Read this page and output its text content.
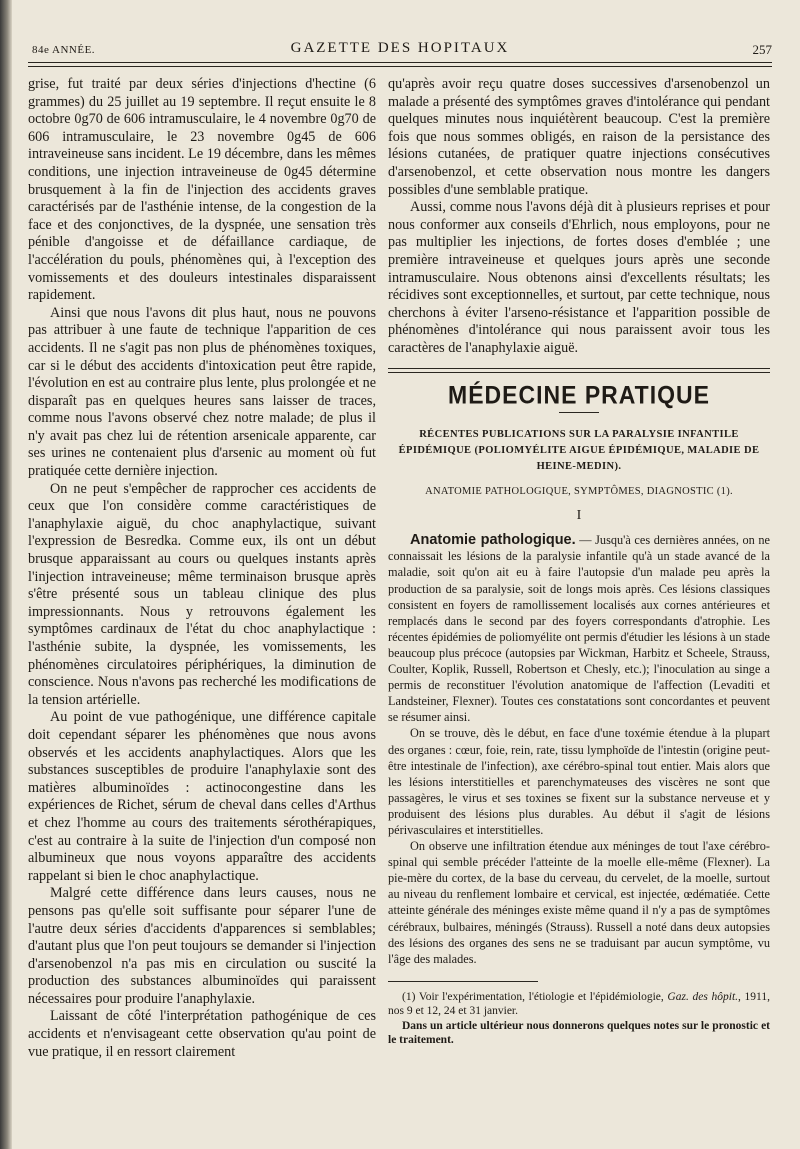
84e ANNÉE.	GAZETTE DES HOPITAUX	257

grise, fut traité par deux séries d'injections d'hectine (6 grammes) du 25 juillet au 19 septembre. Il reçut ensuite le 8 octobre 0g70 de 606 intramusculaire, le 4 novembre 0g70 de 606 intramusculaire, le 23 novembre 0g45 de 606 intraveineuse sans incident. Le 19 décembre, dans les mêmes conditions, une injection intraveineuse de 0g45 détermine brusquement à la fin de l'injection des accidents graves caractérisés par de l'asthénie intense, de la congestion de la face et des conjonctives, de la dyspnée, une sensation très pénible d'angoisse et de défaillance cardiaque, de l'accélération du pouls, phénomènes qui, à l'exception des vomissements et des douleurs intestinales disparaissent rapidement.

Ainsi que nous l'avons dit plus haut, nous ne pouvons pas attribuer à une faute de technique l'apparition de ces accidents. Il ne s'agit pas non plus de phénomènes toxiques, car si le début des accidents d'intoxication peut être rapide, l'évolution en est au contraire plus lente, plus prolongée et ne disparaît pas en quelques heures sans laisser de traces, comme nous l'avons observé chez notre malade; de plus il n'y avait pas chez lui de rétention arsenicale apparente, car ses urines ne contenaient plus d'arsenic au moment où fut pratiquée cette dernière injection.

On ne peut s'empêcher de rapprocher ces accidents de ceux que l'on considère comme caractéristiques de l'anaphylaxie aiguë, du choc anaphylactique, suivant l'expression de Besredka. Comme eux, ils ont un début brusque apparaissant au cours ou quelques instants après l'injection intraveineuse; même terminaison brusque après s'être présenté sous un tableau clinique des plus impressionnants. Nous y retrouvons également les symptômes cardinaux de l'état du choc anaphylactique : l'asthénie subite, la dyspnée, les vomissements, les phénomènes circulatoires périphériques, la diminution de conscience. Nous n'avons pas recherché les modifications de la tension artérielle.

Au point de vue pathogénique, une différence capitale doit cependant séparer les phénomènes que nous avons observés et les accidents anaphylactiques. Alors que les substances susceptibles de produire l'anaphylaxie sont des matières albuminoïdes : actinocongestine dans les expériences de Richet, sérum de cheval dans celles d'Arthus et chez l'homme au cours des traitements sérothérapiques, c'est au contraire à la suite de l'injection d'un composé non albumineux que nous voyons apparaître des accidents rappelant si bien le choc anaphylactique.

Malgré cette différence dans leurs causes, nous ne pensons pas qu'elle soit suffisante pour séparer l'une de l'autre deux séries d'accidents d'apparences si semblables; d'autant plus que l'on peut toujours se demander si l'injection d'arsenobenzol n'a pas mis en circulation ou suscité la production des substances albuminoïdes qui paraissent nécessaires pour produire l'anaphylaxie.

Laissant de côté l'interprétation pathogénique de ces accidents et n'envisageant cette observation qu'au point de vue pratique, il en ressort clairement

qu'après avoir reçu quatre doses successives d'arsenobenzol un malade a présenté des symptômes graves d'intolérance qui pendant quelques minutes nous inquiétèrent beaucoup. C'est la première fois que nous sommes obligés, en raison de la persistance des lésions cutanées, de pratiquer quatre injections consécutives d'arsenobenzol, et cette observation nous montre les dangers possibles d'une semblable pratique.

Aussi, comme nous l'avons déjà dit à plusieurs reprises et pour nous conformer aux conseils d'Ehrlich, nous employons, pour ne pas multiplier les injections, de fortes doses d'emblée ; une première intraveineuse et quelques jours après une seconde intramusculaire. Nous obtenons ainsi d'excellents résultats; les récidives sont exceptionnelles, et surtout, par cette technique, nous cherchons à éviter l'arseno-résistance et l'apparition possible de phénomènes d'intolérance qui nous paraissent avoir tous les caractères de l'anaphylaxie aiguë.

MÉDECINE PRATIQUE
RÉCENTES PUBLICATIONS SUR LA PARALYSIE INFANTILE ÉPIDÉMIQUE (POLIOMYÉLITE AIGUE ÉPIDÉMIQUE, MALADIE DE HEINE-MEDIN).
ANATOMIE PATHOLOGIQUE, SYMPTÔMES, DIAGNOSTIC (1).
I

Anatomie pathologique. — Jusqu'à ces dernières années, on ne connaissait les lésions de la paralysie infantile qu'à un stade avancé de la maladie, soit qu'on ait eu à faire l'autopsie d'un malade peu après la production de sa paralysie, soit de longs mois après. Ces lésions classiques consistent en foyers de ramollissement localisés aux cornes antérieures et remplacés dans le second par des foyers correspondants d'atrophie. Les récentes épidémies de poliomyélite ont permis d'étudier les lésions à un stade beaucoup plus précoce (autopsies par Wickman, Harbitz et Scheele, Strauss, Coulter, Koplik, Russell, Robertson et Chesly, etc.); l'inoculation au singe a permis de reconstituer l'évolution anatomique de l'affection (Levaditi et Landsteiner, Flexner). Toutes ces constatations sont concordantes et peuvent se résumer ainsi.

On se trouve, dès le début, en face d'une toxémie étendue à la plupart des organes : cœur, foie, rein, rate, tissu lymphoïde de l'intestin (origine peut-être intestinale de l'infection), axe cérébro-spinal tout entier. Mais alors que les lésions interstitielles et parenchymateuses des viscères ne sont que passagères, le virus et ses toxines se fixent sur la substance nerveuse et y produisent des lésions plus durables. Au début il s'agit de lésions périvasculaires et interstitielles.

On observe une infiltration étendue aux méninges de tout l'axe cérébro-spinal qui semble précéder l'atteinte de la moelle elle-même (Flexner). La pie-mère du cortex, de la base du cerveau, du cervelet, de la moelle, surtout au niveau du renflement lombaire et cervical, est injectée, œdématiée. Cette atteinte générale des méninges existe même quand il n'y a pas de symptômes cérébraux, bulbaires, méningés (Strauss). Russell a noté dans deux autopsies des lésions des organes des sens ne se traduisant par aucun symptôme, vu l'âge des malades.

(1) Voir l'expérimentation, l'étiologie et l'épidémiologie, Gaz. des hôpit., 1911, nos 9 et 12, 24 et 31 janvier.

Dans un article ultérieur nous donnerons quelques notes sur le pronostic et le traitement.
